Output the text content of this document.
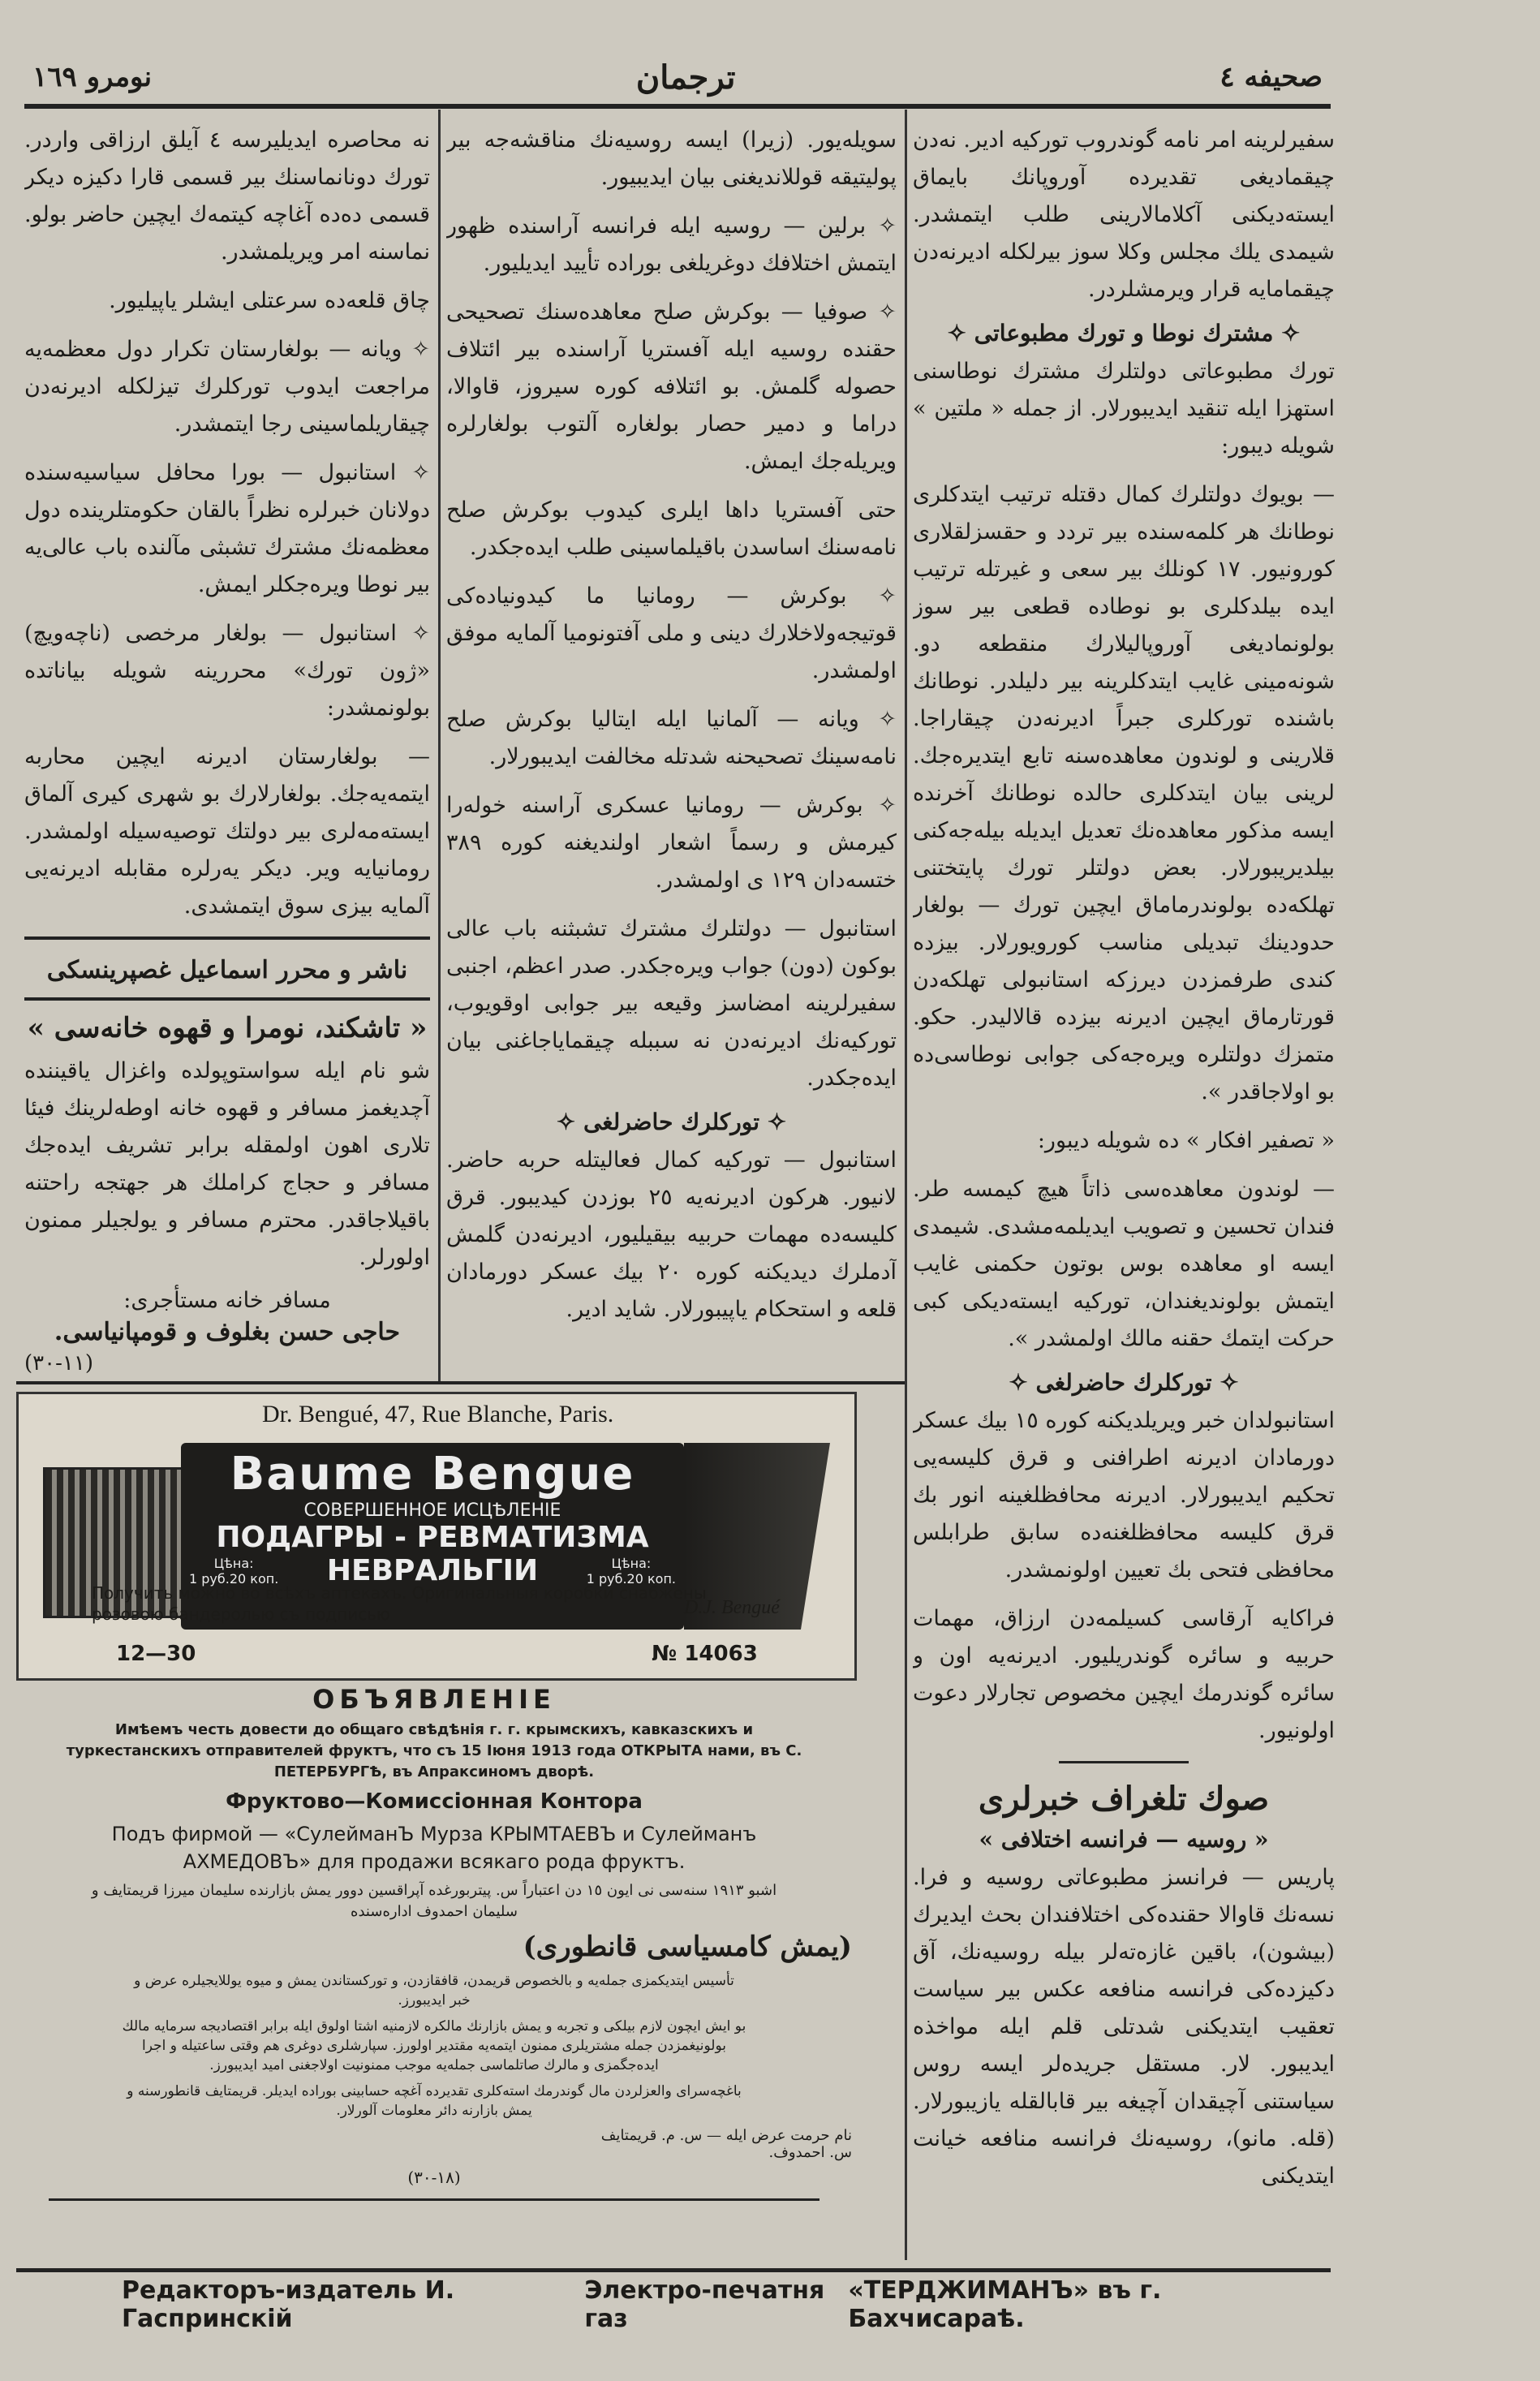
نومرو ١٦٩	ترجمان	صحیفه ٤

سفیرلرینه امر نامه گوندروب تورکیه ادیر. نه‌دن چیقمادیغی تقدیرده آوروپانك بایماق ایسته‌دیکنی آکلامالارینی طلب ایتمشدر. شیمدی یلك مجلس وکلا سوز بیرلکله ادیرنه‌دن چیقمامایه قرار ویرمشلردر.

✧ مشترك نوطا و تورك مطبوعاتی ✧

تورك مطبوعاتی دولتلرك مشترك نوطاسنی استهزا ایله تنقید ایدیبورلار. از جمله « ملتین » شویله دیبور:

— بویوك دولتلرك كمال دقتله ترتیب ایتدكلری نوطانك هر کلمه‌سنده بیر تردد و حقسزلقلاری كورونیور. ١٧ كونلك بیر سعی و غیرتله ترتیب ایده بیلدكلری بو نوطاده قطعی بیر سوز بولونمادیغی آوروپالیلارك منقطعه دو. شونه‌مینی غایب ایتدكلرینه بیر دلیلدر. نوطانك باشنده تورکلری جبراً ادیرنه‌دن چیقاراجا. قلارینی و لوندون معاهده‌سنه تابع ایتدیره‌جك. لرینی بیان ایتدكلری حالده نوطانك آخرنده ایسه مذكور معاهده‌نك تعدیل ایدیله بیله‌جه‌كنی بیلدیریبورلار. بعض دولتلر تورك پایتختنی تهلكه‌ده بولوندرماماق ایچین تورك — بولغار حدودینك تبدیلی مناسب كورویورلار. بیزده كندی طرفمزدن دیرزكه استانبولی تهلكه‌دن قورتارماق ایچین ادیرنه بیزده قالالیدر. حكو. متمزك دولتلره ویره‌جه‌کی جوابی نوطاسی‌ده بو اولاجاقدر ».

« تصفیر افكار » ده شویله دیبور:

— لوندون معاهده‌سی ذاتاً هیچ كیمسه طر. فندان تحسین و تصویب ایدیلمه‌مشدی. شیمدی ایسه او معاهده بوس بوتون حكمنی غایب ایتمش بولوندیغندان، تورکیه ایسته‌دیكی كبی حركت ایتمك حقنه مالك اولمشدر ».

✧ تورکلرك حاضرلغی ✧

استانبولدان خبر ویریلدیكنه كوره ١٥ بیك عسكر دورمادان ادیرنه اطرافنی و قرق كلیسه‌یی تحكیم ایدیبورلار. ادیرنه محافظلغینه انور بك قرق كلیسه محافظلغنه‌ده سابق طرابلس محافظی فتحی بك تعیین اولونمشدر.

فراكایه آرقاسی كسیلمه‌دن ارزاق، مهمات حربیه و سائره گوندریلیور. ادیرنه‌یه اون و سائره گوندرمك ایچین مخصوص تجارلار دعوت اولونیور.

صوك تلغراف خبرلری
« روسیه — فرانسه اختلافی »

پاریس — فرانسز مطبوعاتی روسیه و فرا. نسه‌نك قاوالا حقنده‌كی اختلافندان بحث ایدیرك (بیشون)، باقین غازه‌ته‌لر بیله روسیه‌نك، آق دكیزده‌کی فرانسه منافعه عكس بیر سیاست تعقیب ایتدیكنی شدتلی قلم ایله مواخذه ایدیبور. لار. مستقل جریده‌لر ایسه روس سیاستنی آچیقدان آچیغه بیر قابالقله یازیبورلار. (قله. مانو)، روسیه‌نك فرانسه منافعه خیانت ایتدیكنی

سویله‌یور. (زیرا) ایسه روسیه‌نك مناقشه‌جه بیر پولیتیقه قوللاندیغنی بیان ایدیبیور.

✧ برلین — روسیه ایله فرانسه آراسنده ظهور ایتمش اختلافك دوغریلغی بوراده تأیید ایدیلیور.

✧ صوفیا — بوكرش صلح معاهده‌سنك تصحیحی حقنده روسیه ایله آفستریا آراسنده بیر ائتلاف حصوله گلمش. بو ائتلافه كوره سیروز، قاوالا، دراما و دمیر حصار بولغاره آلتوب بولغارلره ویریله‌جك ایمش.

حتی آفستریا داها ایلری كیدوب بوكرش صلح نامه‌سنك اساسدن باقیلماسینی طلب ایده‌جكدر.

✧ بوكرش — رومانیا ما كیدونیاده‌كی قوتیجه‌ولاخلارك دینی و ملی آفتونومیا آلمایه موفق اولمشدر.

✧ ویانه — آلمانیا ایله ایتالیا بوكرش صلح نامه‌سینك تصحیحنه شدتله مخالفت ایدیبورلار.

✧ بوكرش — رومانیا عسكری آراسنه خوله‌را كیرمش و رسماً اشعار اولندیغنه كوره ٣٨٩ ختسه‌دان ١٢٩ ی اولمشدر.

استانبول — دولتلرك مشترك تشبثنه باب عالی بوكون (دون) جواب ویره‌جكدر. صدر اعظم، اجنبی سفیرلرینه امضاسز وقیعه بیر جوابی اوقویوب، تورکیه‌نك ادیرنه‌دن نه سببله چیقمایاجاغنی بیان ایده‌جكدر.

✧ تورکلرك حاضرلغی ✧

استانبول — تورکیه كمال فعالیتله حربه حاضر. لانیور. هركون ادیرنه‌یه ٢٥ بوزدن كیدیبور. قرق كلیسه‌ده مهمات حربیه بیقیلیور، ادیرنه‌دن گلمش آدملرك دیدیكنه كوره ٢٠ بیك عسكر دورمادان قلعه و استحكام یاپیبورلار. شاید ادیر.

نه محاصره ایدیلیرسه ٤ آیلق ارزاقی واردر. تورك دونانماسنك بیر قسمی قارا دكیزه دیكر قسمی ده‌ده آغاچه كیتمه‌ك ایچین حاضر بولو. نماسنه امر ویریلمشدر.

چاق قلعه‌ده سرعتلی ایشلر یاپیلیور.

✧ ویانه — بولغارستان تكرار دول معظمه‌یه مراجعت ایدوب تورکلرك تیزلكله ادیرنه‌دن چیقاریلماسینی رجا ایتمشدر.

✧ استانبول — بورا محافل سیاسیه‌سنده دولانان خبرلره نظراً بالقان حكومتلرینده دول معظمه‌نك مشترك تشبثی مآلنده باب عالی‌یه بیر نوطا ویره‌جكلر ایمش.

✧ استانبول — بولغار مرخصی (ناچه‌ویچ) «ژون تورك» محررینه شویله بیاناتده بولونمشدر:

— بولغارستان ادیرنه ایچین محاربه ایتمه‌یه‌جك. بولغارلارك بو شهری كیری آلماق ایسته‌مه‌لری بیر دولتك توصیه‌سیله اولمشدر. رومانیایه ویر. دیكر یه‌رلره مقابله ادیرنه‌یی آلمایه بیزی سوق ایتمشدی.

ناشر و محرر اسماعیل غصپرینسكی
« تاشكند، نومرا و قهوه خانه‌سی »

شو نام ایله سواستوپولده واغزال یاقیننده آچدیغمز مسافر و قهوه خانه اوطه‌لرینك فیئا تلاری اهون اولمقله برابر تشریف ایده‌جك مسافر و حجاج كراملك هر جهتجه راحتنه باقیلاجاقدر. محترم مسافر و یولجیلر ممنون اولورلر.

مسافر خانه مستأجری:
حاجی حسن بغلوف و قومپانیاسی.
(١١-٣٠)
Dr. Bengué, 47, Rue Blanche, Paris.
Baume Bengue
СОВЕРШЕННОЕ ИСЦѢЛЕНІЕ
ПОДАГРЫ - РЕВМАТИЗМА
Цѣна:
1 руб.20 коп. НЕВРАЛЬГІИ	Цѣна:
1 руб.20 коп.
Получить можно во всѣхъ аптекахъ. Оригинальныя коробки снабжены розовою бандеролью съ подписью	D.J. Bengué
12—30	№ 14063
ОБЪЯВЛЕНІЕ
Имѣемъ честь довести до общаго свѣдѣнія г. г. крымскихъ, кавказскихъ и туркестанскихъ отправителей фруктъ, что съ 15 Іюня 1913 года ОТКРЫТА нами, въ С. ПЕТЕРБУРГѢ, въ Апраксиномъ дворѣ.
Фруктово—Комиссіонная Контора
Подъ фирмой — «СулейманЪ Мурза КРЫМТАЕВЪ и Сулейманъ АХМЕДОВЪ» для продажи всякаго рода фруктъ.
اشبو ١٩١٣ سنه‌سی نی ایون ١٥ دن اعتباراً س. پیتربورغده آپراقسین دوور یمش بازارنده سلیمان میرزا قریمتایف و سلیمان احمدوف اداره‌سنده
(یمش كامسیاسی قانطوری)
تأسیس ایتدیكمزی جمله‌یه و بالخصوص قریمدن، قافقازدن، و تورکستاندن یمش و میوه یوللایجیلره عرض و خبر ایدیبورز.
بو ایش ایچون لازم بیلكی و تجربه و یمش بازارنك مالكره لازمنیه اشتا اولوق ایله برابر اقتصادیجه سرمایه مالك بولونیغمزدن جمله مشتریلری ممنون ایتمه‌یه مقتدیر اولورز. سپارشلری دوغری هم وقتی ساعتیله و اجرا ایده‌جگمزی و مالرك صاتلماسی جمله‌یه موجب ممنونیت اولاجغنی امید ایدیبورز.
باغچه‌سرای والعزلردن مال گوندرمك استه‌كلری تقدیرده آغچه حسابینی بوراده ایدیلر. قریمتایف قانطورسنه و یمش بازارنه دائر معلومات آلورلار.
نام حرمت عرض ایله — س. م. قریمتایف
س. احمدوف.
(١٨-٣٠)
Редакторъ-издатель И. Гаспринскій
Электро-печатня газ
«ТЕРДЖИМАНЪ» въ г. Бахчисараѣ.
